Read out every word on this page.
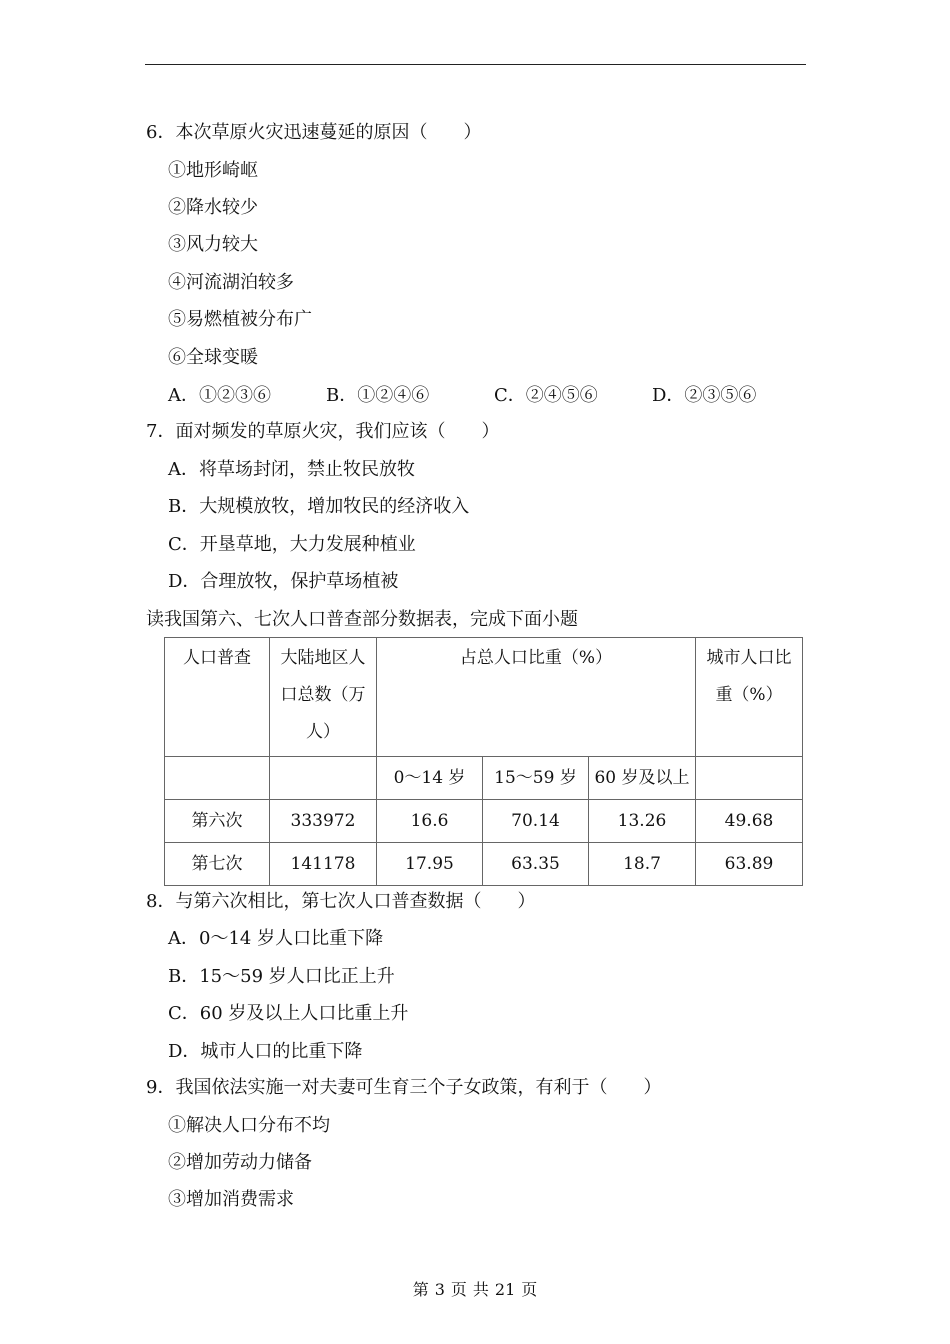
6．本次草原火灾迅速蔓延的原因（　　）
①地形崎岖
②降水较少
③风力较大
④河流湖泊较多
⑤易燃植被分布广
⑥全球变暖
A．①②③⑥	B．①②④⑥	C．②④⑤⑥	D．②③⑤⑥
7．面对频发的草原火灾，我们应该（　　）
A．将草场封闭，禁止牧民放牧
B．大规模放牧，增加牧民的经济收入
C．开垦草地，大力发展种植业
D．合理放牧，保护草场植被
读我国第六、七次人口普查部分数据表，完成下面小题
人口普查	大陆地区人口总数（万人）	占总人口比重（%）			城市人口比重（%）
		0～14 岁	15～59 岁	60 岁及以上	
第六次	333972	16.6	70.14	13.26	49.68
第七次	141178	17.95	63.35	18.7	63.89
8．与第六次相比，第七次人口普查数据（　　）
A．0～14 岁人口比重下降
B．15～59 岁人口比正上升
C．60 岁及以上人口比重上升
D．城市人口的比重下降
9．我国依法实施一对夫妻可生育三个子女政策，有利于（　　）
①解决人口分布不均
②增加劳动力储备
③增加消费需求
第 3 页 共 21 页
